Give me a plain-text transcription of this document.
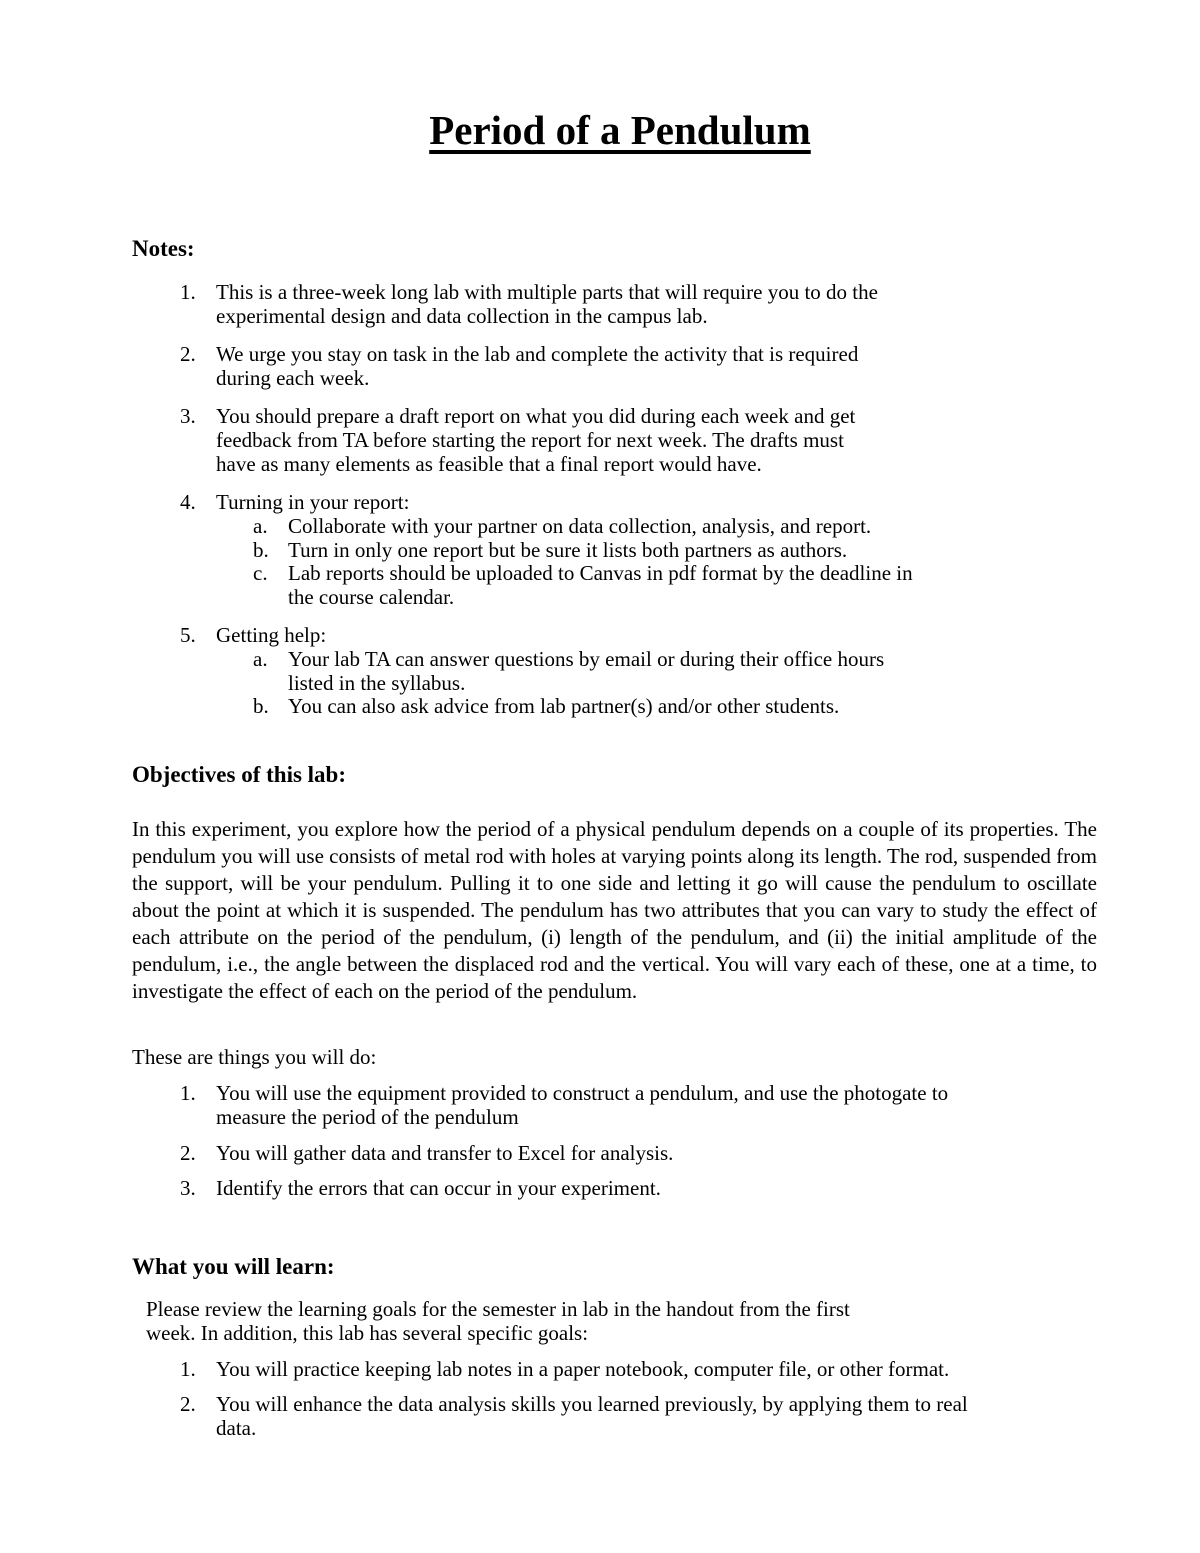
Period of a Pendulum
Notes:
1. This is a three-week long lab with multiple parts that will require you to do the
experimental design and data collection in the campus lab.
2. We urge you stay on task in the lab and complete the activity that is required
during each week.
3. You should prepare a draft report on what you did during each week and get
feedback from TA before starting the report for next week. The drafts must
have as many elements as feasible that a final report would have.
4. Turning in your report:
a. Collaborate with your partner on data collection, analysis, and report.
b. Turn in only one report but be sure it lists both partners as authors.
c. Lab reports should be uploaded to Canvas in pdf format by the deadline in
the course calendar.
5. Getting help:
a. Your lab TA can answer questions by email or during their office hours
listed in the syllabus.
b. You can also ask advice from lab partner(s) and/or other students.
Objectives of this lab:
In this experiment, you explore how the period of a physical pendulum depends on a couple of its properties. The pendulum you will use consists of metal rod with holes at varying points along its length. The rod, suspended from the support, will be your pendulum. Pulling it to one side and letting it go will cause the pendulum to oscillate about the point at which it is suspended. The pendulum has two attributes that you can vary to study the effect of each attribute on the period of the pendulum, (i) length of the pendulum, and (ii) the initial amplitude of the pendulum, i.e., the angle between the displaced rod and the vertical. You will vary each of these, one at a time, to investigate the effect of each on the period of the pendulum.
These are things you will do:
1. You will use the equipment provided to construct a pendulum, and use the photogate to
measure the period of the pendulum
2. You will gather data and transfer to Excel for analysis.
3. Identify the errors that can occur in your experiment.
What you will learn:
Please review the learning goals for the semester in lab in the handout from the first
week. In addition, this lab has several specific goals:
1. You will practice keeping lab notes in a paper notebook, computer file, or other format.
2. You will enhance the data analysis skills you learned previously, by applying them to real
data.
